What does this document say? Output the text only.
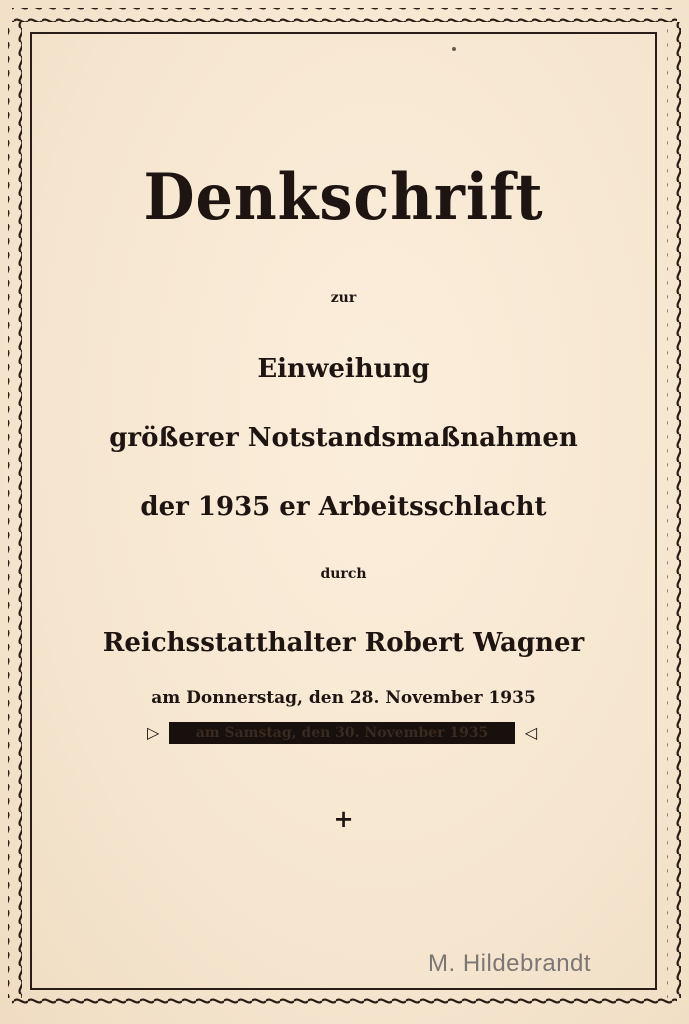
Denkschrift
zur
Einweihung
größerer Notstandsmaßnahmen
der 1935 er Arbeitsschlacht
durch
Reichsstatthalter Robert Wagner
am Donnerstag, den 28. November 1935
▷	am Samstag, den 30. November 1935	◁
+
M. Hildebrandt
